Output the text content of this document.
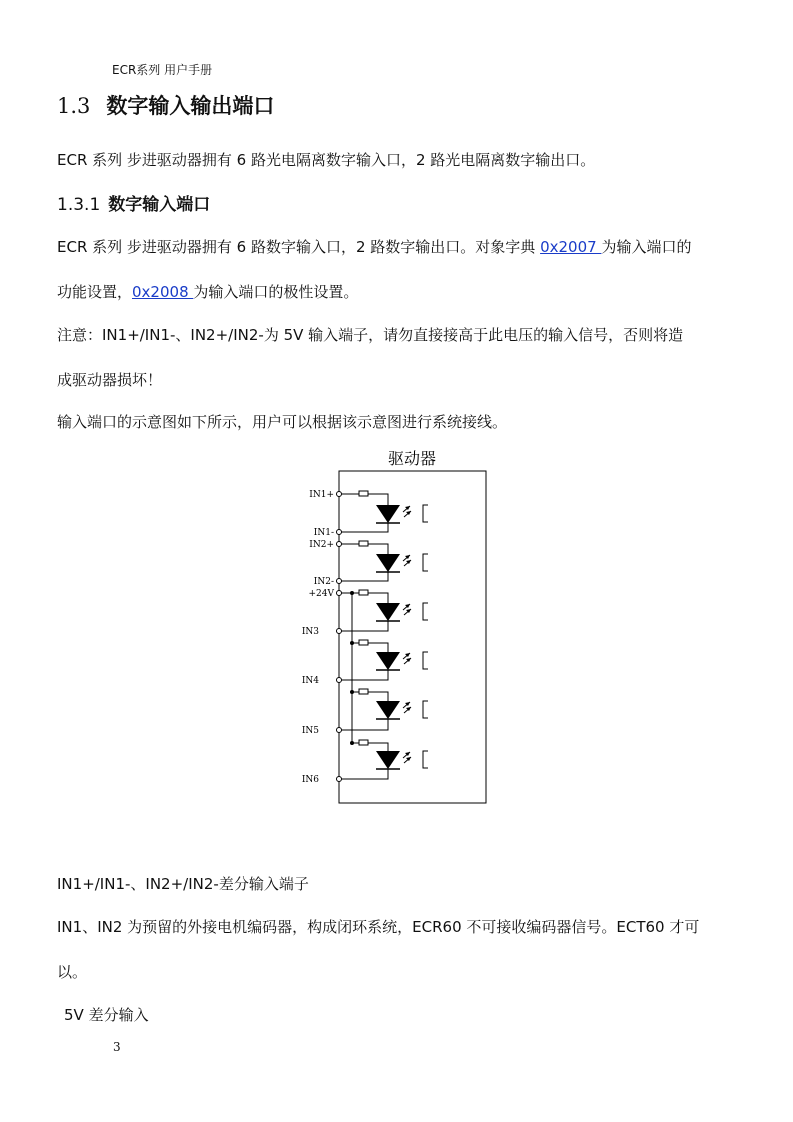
ECR系列 用户手册
1.3 数字输入输出端口
ECR 系列 步进驱动器拥有 6 路光电隔离数字输入口，2 路光电隔离数字输出口。
1.3.1 数字输入端口
ECR 系列 步进驱动器拥有 6 路数字输入口，2 路数字输出口。对象字典 0x2007 为输入端口的
功能设置，0x2008 为输入端口的极性设置。
注意：IN1+/IN1-、IN2+/IN2-为 5V 输入端子，请勿直接接高于此电压的输入信号，否则将造
成驱动器损坏！
输入端口的示意图如下所示，用户可以根据该示意图进行系统接线。
驱动器
IN1+
IN1-
IN2+
IN2-
+24V
IN3
IN4
IN5
IN6
IN1+/IN1-、IN2+/IN2-差分输入端子
IN1、IN2 为预留的外接电机编码器，构成闭环系统，ECR60 不可接收编码器信号。ECT60 才可
以。
5V 差分输入
3
